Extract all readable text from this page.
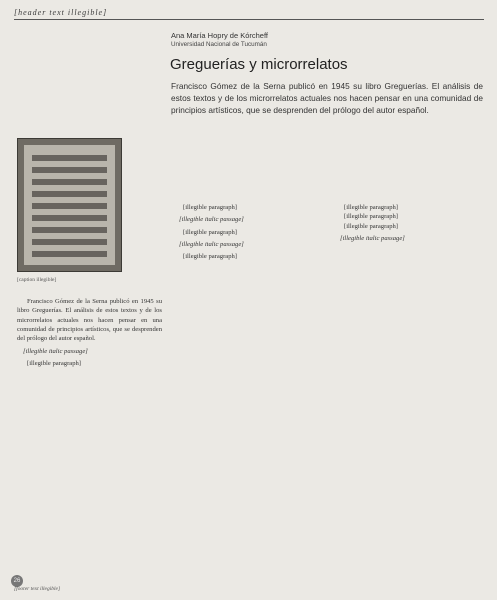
[header text illegible]
Ana María Hopry de Kórcheff
Universidad Nacional de Tucumán
Greguerías y microrrelatos
Francisco Gómez de la Serna publicó en 1945 su libro Greguerías. El análisis de estos textos y de los microrrelatos actuales nos hacen pensar en una comunidad de principios artísticos, que se desprenden del prólogo del autor español.
[caption illegible]

Francisco Gómez de la Serna publicó en 1945 su libro Greguerías. El análisis de estos textos y de los microrrelatos actuales nos hacen pensar en una comunidad de principios artísticos, que se desprenden del prólogo del autor español.

[illegible italic passage]

[illegible paragraph]

[illegible paragraph]

[illegible italic passage]

[illegible paragraph]

[illegible italic passage]

[illegible paragraph]

[illegible paragraph]

[illegible paragraph]

[illegible paragraph]

[illegible italic passage]

26
[footer text illegible]
